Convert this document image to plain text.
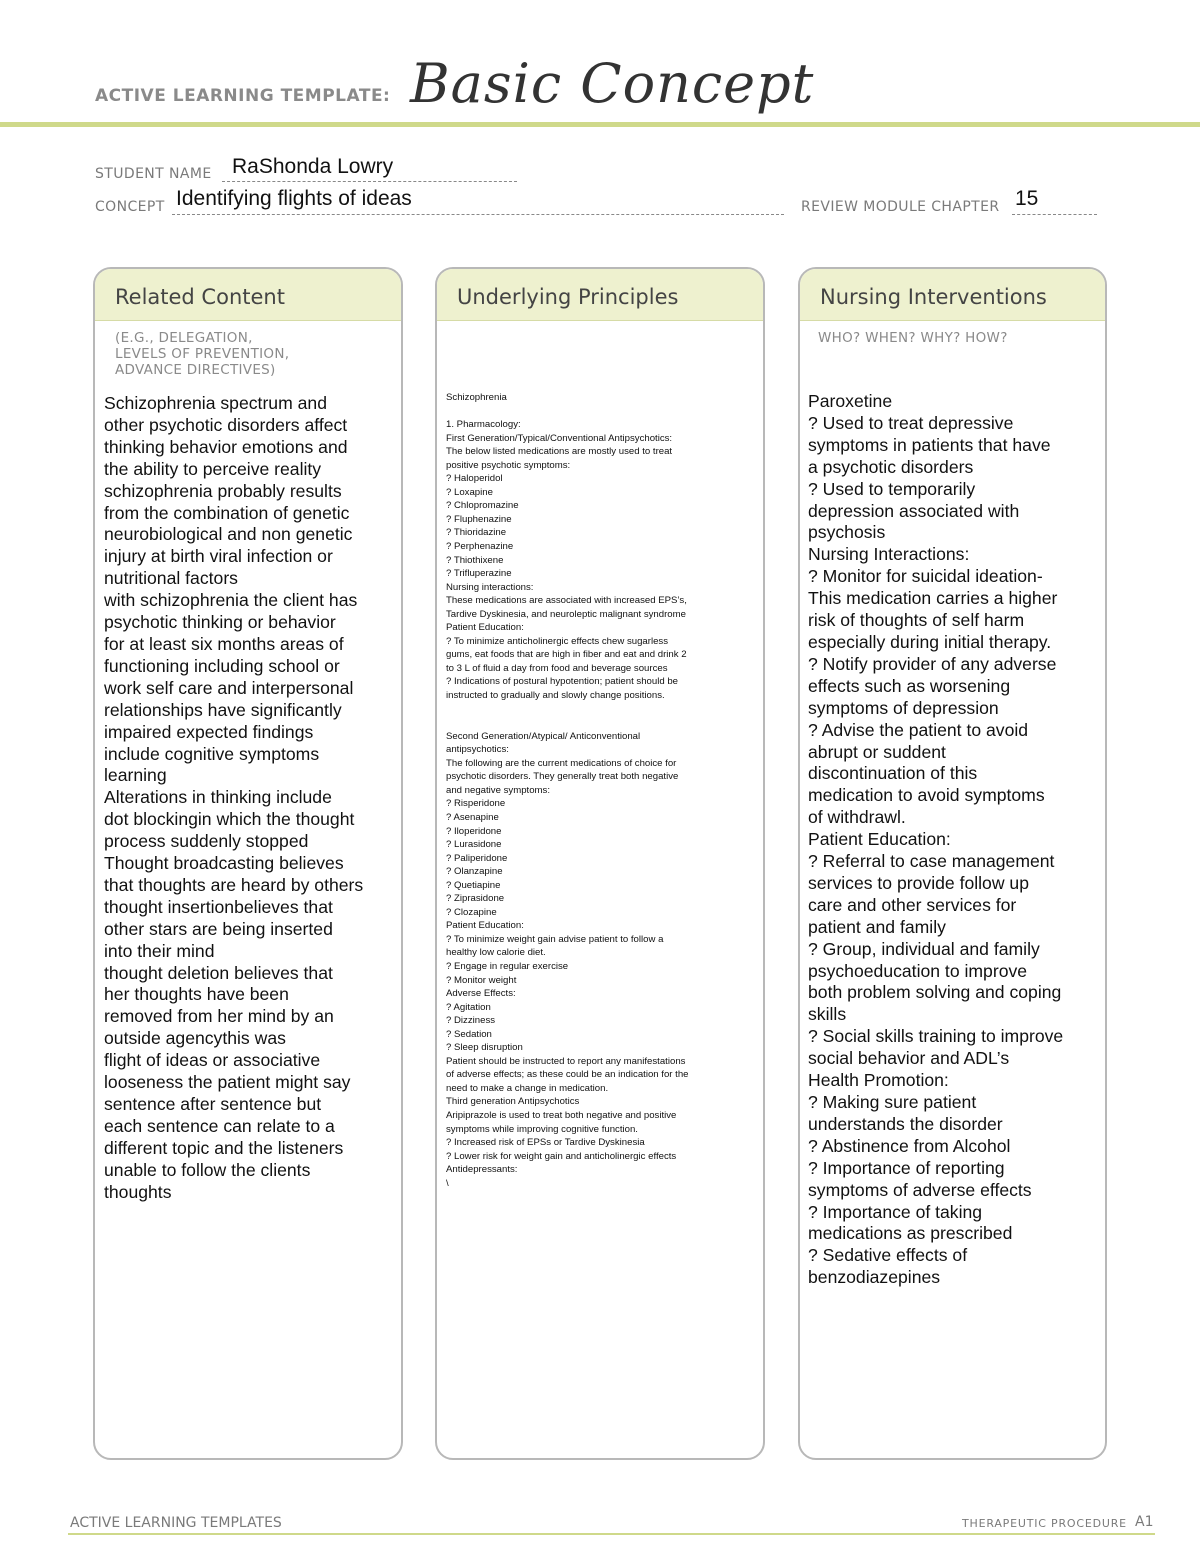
ACTIVE LEARNING TEMPLATE: Basic Concept
STUDENT NAME RaShonda Lowry
CONCEPT Identifying flights of ideas	REVIEW MODULE CHAPTER 15
Related Content
(E.G., DELEGATION,
LEVELS OF PREVENTION,
ADVANCE DIRECTIVES)
Schizophrenia spectrum and
other psychotic disorders affect
thinking behavior emotions and
the ability to perceive reality
schizophrenia probably results
from the combination of genetic
neurobiological and non genetic
injury at birth viral infection or
nutritional factors
with schizophrenia the client has
psychotic thinking or behavior
for at least six months areas of
functioning including school or
work self care and interpersonal
relationships have significantly
impaired expected findings
include cognitive symptoms
learning
Alterations in thinking include
dot blockingin which the thought
process suddenly stopped
Thought broadcasting believes
that thoughts are heard by others
thought insertionbelieves that
other stars are being inserted
into their mind
thought deletion believes that
her thoughts have been
removed from her mind by an
outside agencythis was
flight of ideas or associative
looseness the patient might say
sentence after sentence but
each sentence can relate to a
different topic and the listeners
unable to follow the clients
thoughts
Underlying Principles
Schizophrenia

1. Pharmacology:
First Generation/Typical/Conventional Antipsychotics:
The below listed medications are mostly used to treat
positive psychotic symptoms:
? Haloperidol
? Loxapine
? Chlopromazine
? Fluphenazine
? Thioridazine
? Perphenazine
? Thiothixene
? Trifluperazine
Nursing interactions:
These medications are associated with increased EPS’s,
Tardive Dyskinesia, and neuroleptic malignant syndrome
Patient Education:
? To minimize anticholinergic effects chew sugarless
gums, eat foods that are high in fiber and eat and drink 2
to 3 L of fluid a day from food and beverage sources
? Indications of postural hypotention; patient should be
instructed to gradually and slowly change positions.

Second Generation/Atypical/ Anticonventional
antipsychotics:
The following are the current medications of choice for
psychotic disorders. They generally treat both negative
and negative symptoms:
? Risperidone
? Asenapine
? Iloperidone
? Lurasidone
? Paliperidone
? Olanzapine
? Quetiapine
? Ziprasidone
? Clozapine
Patient Education:
? To minimize weight gain advise patient to follow a
healthy low calorie diet.
? Engage in regular exercise
? Monitor weight
Adverse Effects:
? Agitation
? Dizziness
? Sedation
? Sleep disruption
Patient should be instructed to report any manifestations
of adverse effects; as these could be an indication for the
need to make a change in medication.
Third generation Antipsychotics
Aripiprazole is used to treat both negative and positive
symptoms while improving cognitive function.
? Increased risk of EPSs or Tardive Dyskinesia
? Lower risk for weight gain and anticholinergic effects
Antidepressants:
\
Nursing Interventions
WHO? WHEN? WHY? HOW?
Paroxetine
? Used to treat depressive
symptoms in patients that have
a psychotic disorders
? Used to temporarily
depression associated with
psychosis
Nursing Interactions:
? Monitor for suicidal ideation-
This medication carries a higher
risk of thoughts of self harm
especially during initial therapy.
? Notify provider of any adverse
effects such as worsening
symptoms of depression
? Advise the patient to avoid
abrupt or suddent
discontinuation of this
medication to avoid symptoms
of withdrawl.
Patient Education:
? Referral to case management
services to provide follow up
care and other services for
patient and family
? Group, individual and family
psychoeducation to improve
both problem solving and coping
skills
? Social skills training to improve
social behavior and ADL’s
Health Promotion:
? Making sure patient
understands the disorder
? Abstinence from Alcohol
? Importance of reporting
symptoms of adverse effects
? Importance of taking
medications as prescribed
? Sedative effects of
benzodiazepines
ACTIVE LEARNING TEMPLATES	THERAPEUTIC PROCEDURE A1
